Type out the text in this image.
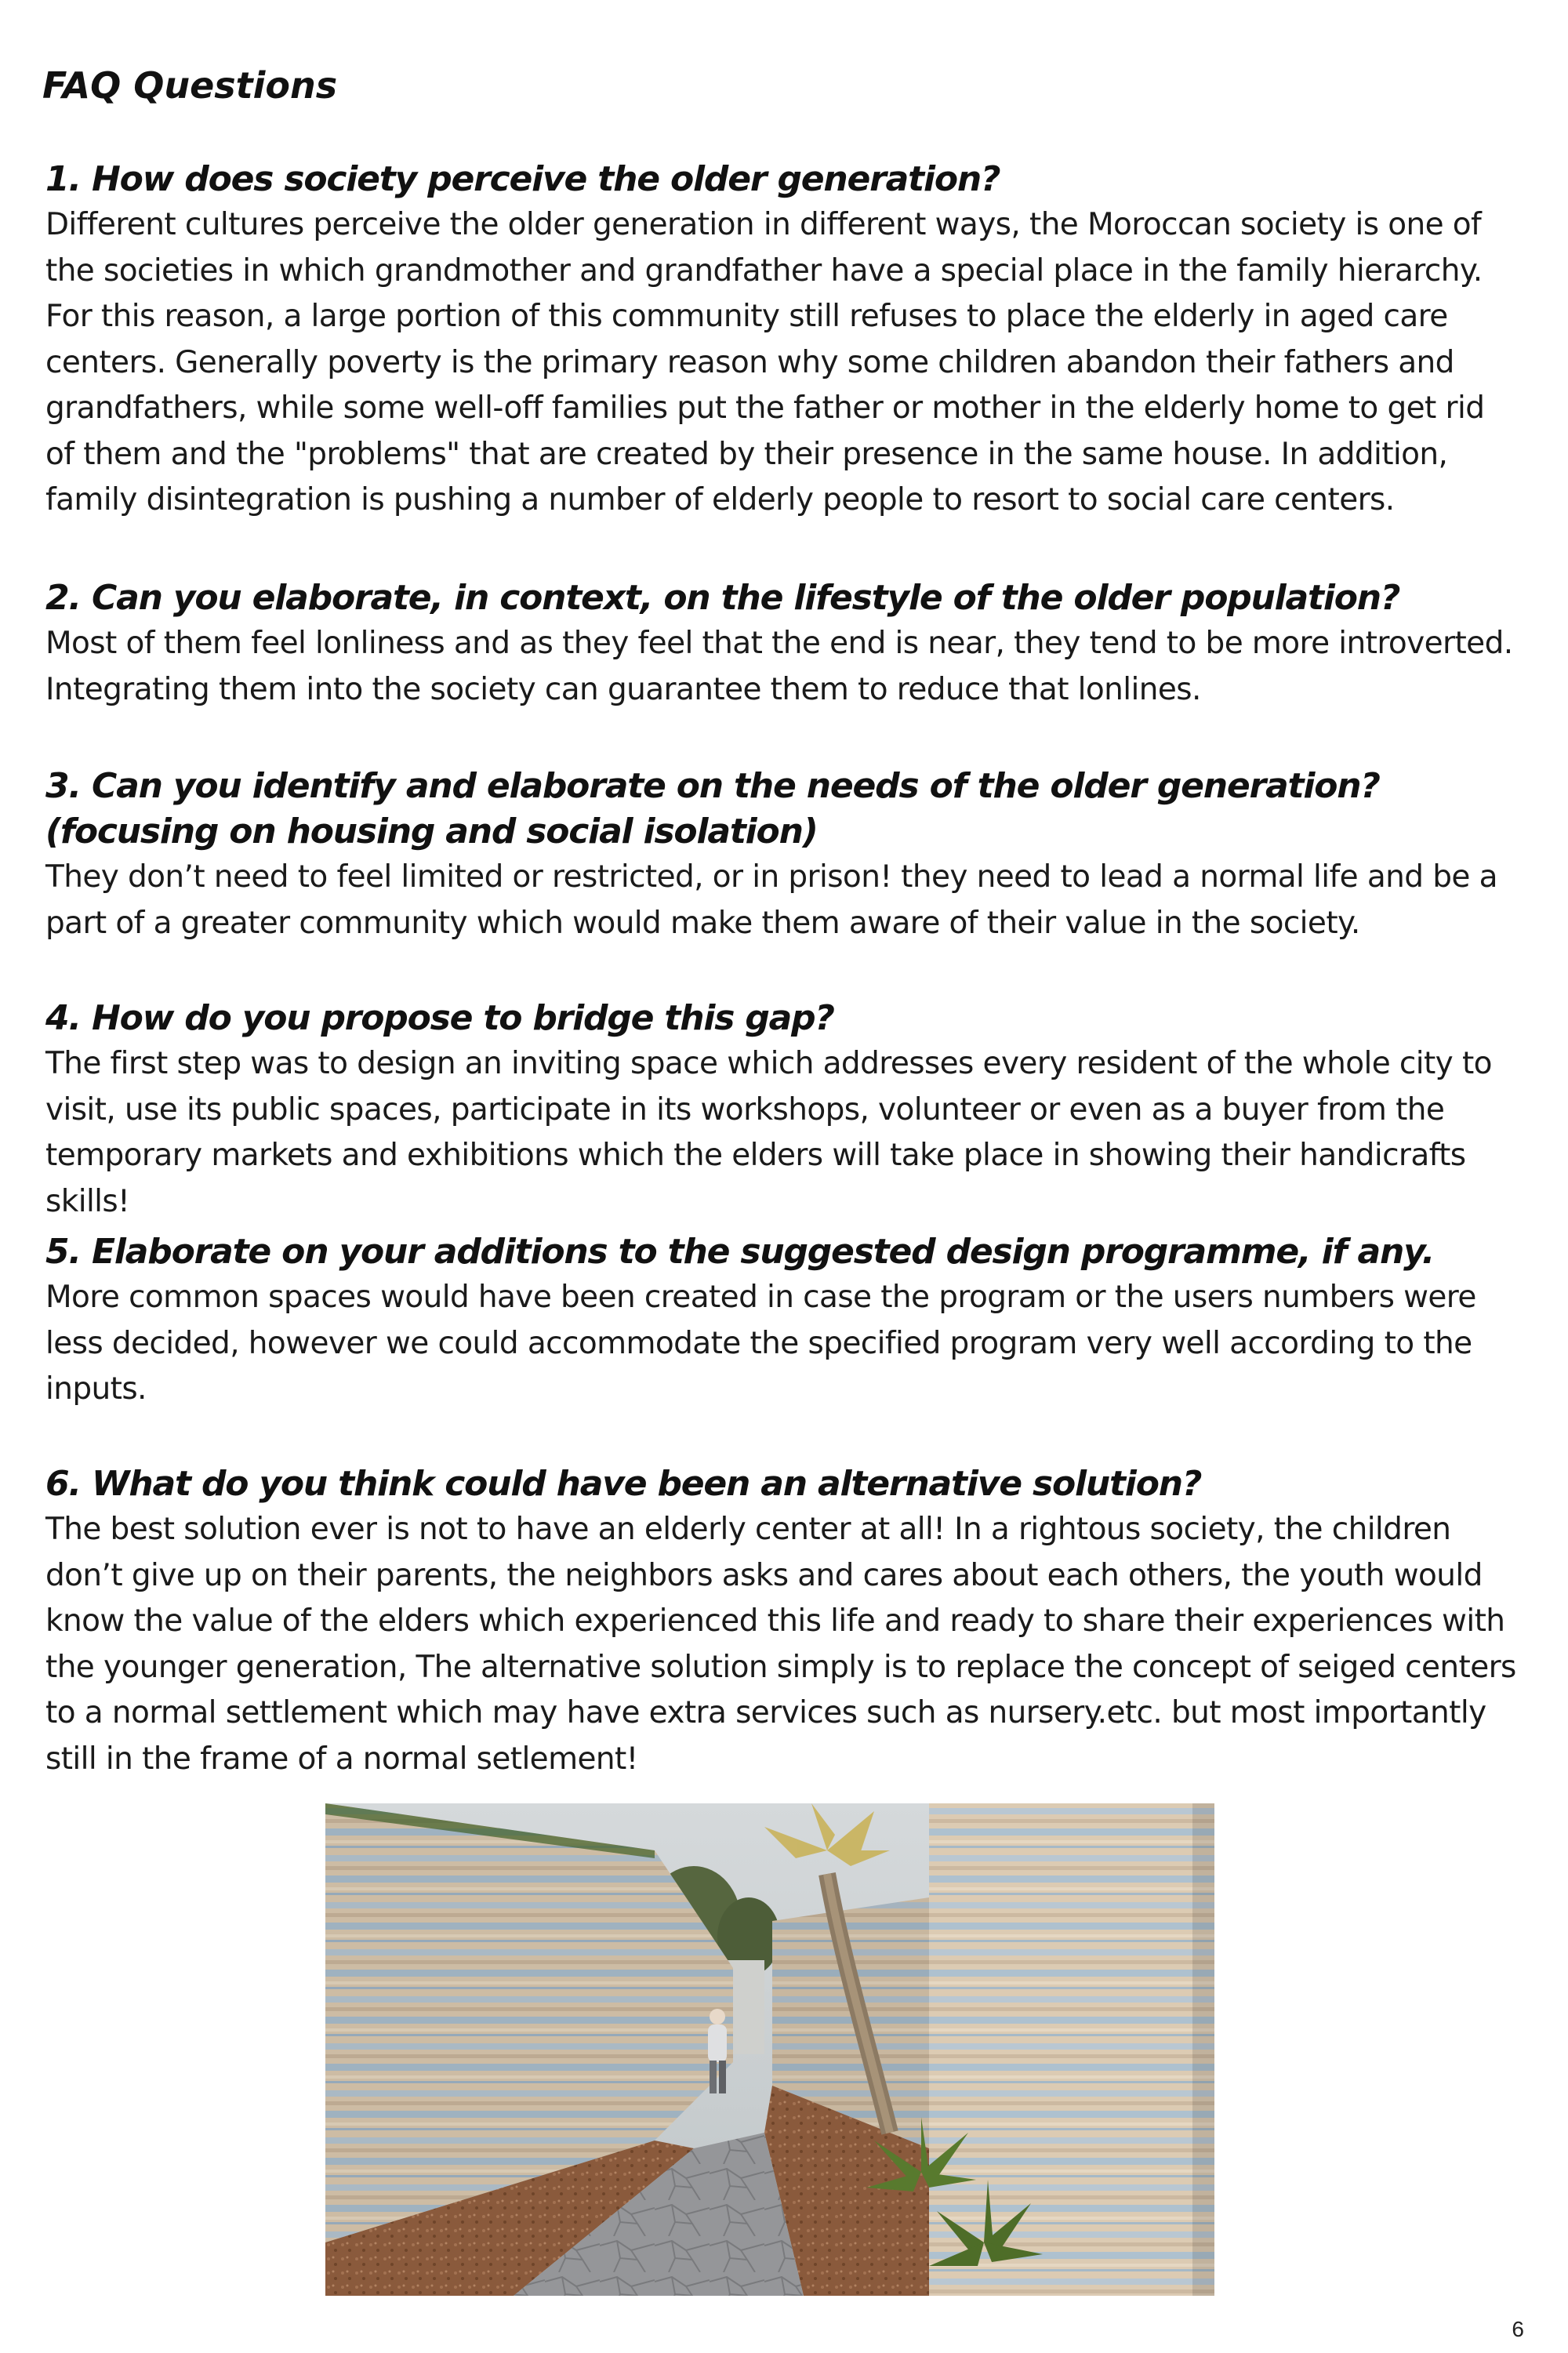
FAQ Questions

1. How does society perceive the older generation?

Different cultures perceive the older generation in different ways, the Moroccan society is one of the societies in which grandmother and grandfather have a special place in the family hierarchy. For this reason, a large portion of this community still refuses to place the elderly in aged care centers. Generally poverty is the primary reason why some children abandon their fathers and grandfathers, while some well-off families put the father or mother in the elderly home to get rid of them and the "problems" that are created by their presence in the same house. In addition, family disintegration is pushing a number of elderly people to resort to social care centers.

2. Can you elaborate, in context, on the lifestyle of the older population?

Most of them feel lonliness and as they feel that the end is near, they tend to be more introverted. Integrating them into the society can guarantee them to reduce that lonlines.

3. Can you identify and elaborate on the needs of the older generation? (focusing on housing and social isolation)

They don’t need to feel limited or restricted, or in prison! they need to lead a normal life and be a part of a greater community which would make them aware of their value in the society.

4. How do you propose to bridge this gap?

The first step was to design an inviting space which addresses every resident of the whole city to visit, use its public spaces, participate in its workshops, volunteer or even as a buyer from the temporary markets and exhibitions which the elders will take place in showing their handicrafts skills!

5. Elaborate on your additions to the suggested design programme, if any.

More common spaces would have been created in case the program or the users numbers were less decided, however we could accommodate the specified program very well according to the inputs.

6. What do you think could have been an alternative solution?

The best solution ever is not to have an elderly center at all! In a rightous society, the children don’t give up on their parents, the neighbors asks and cares about each others, the youth would know the value of the elders which experienced this life and ready to share their experiences with the younger generation, The alternative solution simply is to replace the concept of seiged centers to a normal settlement which may have extra services such as nursery.etc. but most importantly still in the frame of a normal setlement!

6
